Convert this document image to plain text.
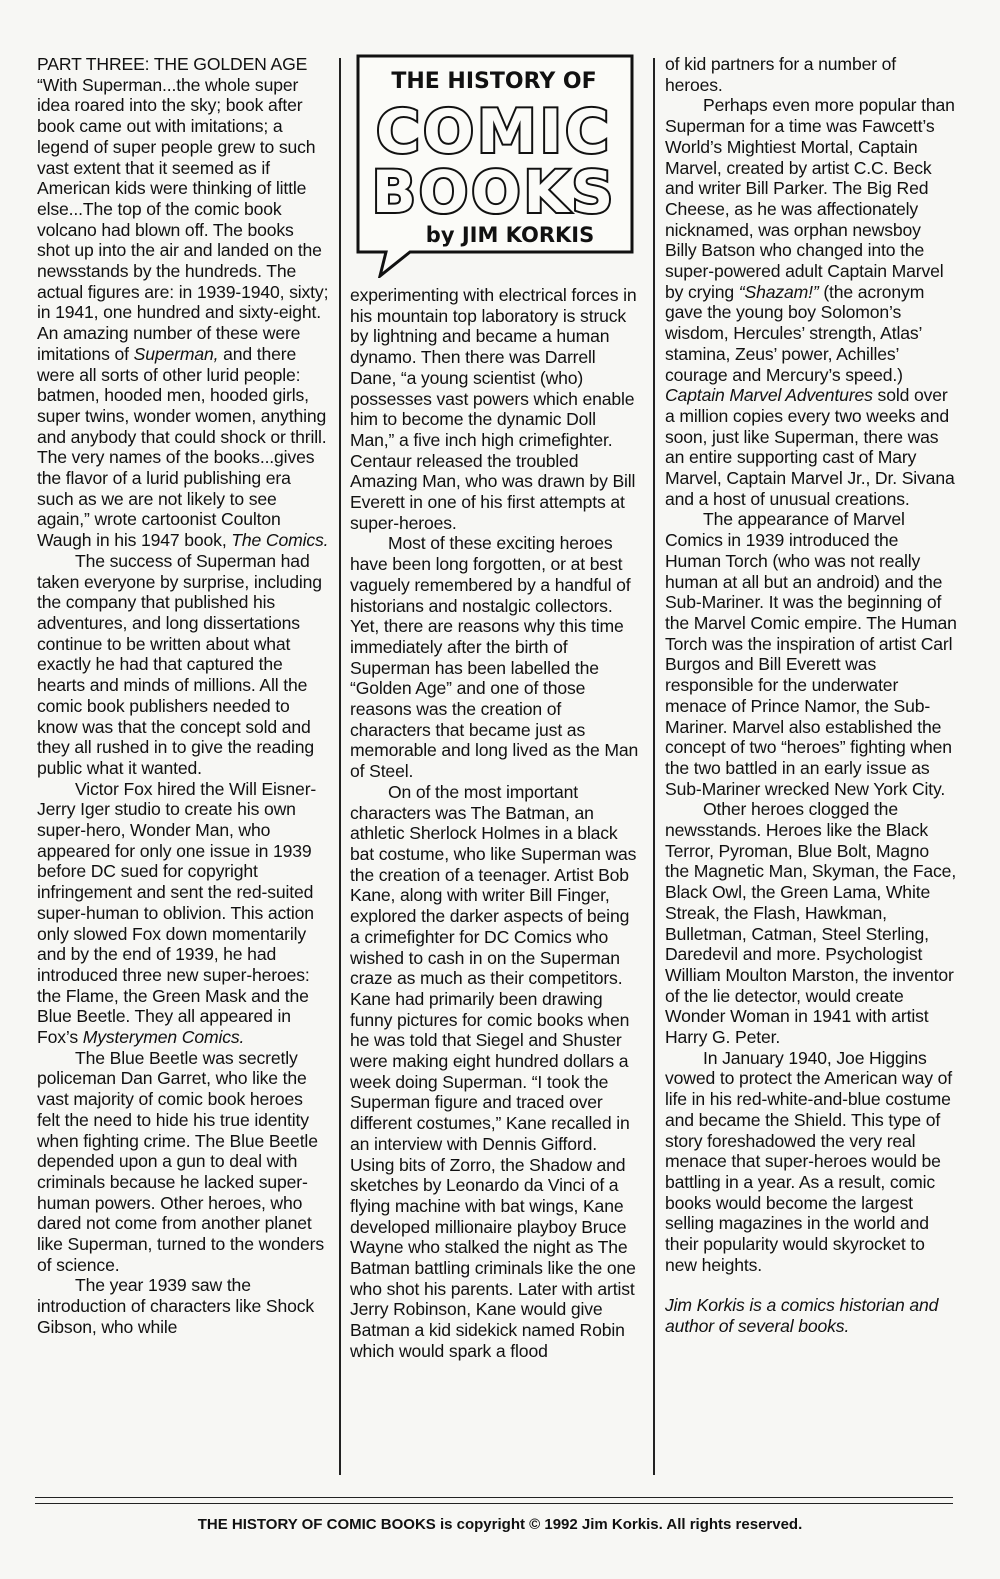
PART THREE: THE GOLDEN AGE
“With Superman...the whole super idea roared into the sky; book after book came out with imitations; a legend of super people grew to such vast extent that it seemed as if American kids were thinking of little else...The top of the comic book volcano had blown off. The books shot up into the air and landed on the newsstands by the hundreds. The actual figures are: in 1939-1940, sixty; in 1941, one hundred and sixty-eight. An amazing number of these were imitations of Superman, and there were all sorts of other lurid people: batmen, hooded men, hooded girls, super twins, wonder women, anything and anybody that could shock or thrill. The very names of the books...gives the flavor of a lurid publishing era such as we are not likely to see again,” wrote cartoonist Coulton Waugh in his 1947 book, The Comics.

The success of Superman had taken everyone by surprise, including the company that published his adventures, and long dissertations continue to be written about what exactly he had that captured the hearts and minds of millions. All the comic book publishers needed to know was that the concept sold and they all rushed in to give the reading public what it wanted.

Victor Fox hired the Will Eisner-Jerry Iger studio to create his own super-hero, Wonder Man, who appeared for only one issue in 1939 before DC sued for copyright infringement and sent the red-suited super-human to oblivion. This action only slowed Fox down momentarily and by the end of 1939, he had introduced three new super-heroes: the Flame, the Green Mask and the Blue Beetle. They all appeared in Fox’s Mysterymen Comics.

The Blue Beetle was secretly policeman Dan Garret, who like the vast majority of comic book heroes felt the need to hide his true identity when fighting crime. The Blue Beetle depended upon a gun to deal with criminals because he lacked super-human powers. Other heroes, who dared not come from another planet like Superman, turned to the wonders of science.

The year 1939 saw the introduction of characters like Shock Gibson, who while

THE HISTORY OF
COMIC
BOOKS
by JIM KORKIS

experimenting with electrical forces in his mountain top laboratory is struck by lightning and became a human dynamo. Then there was Darrell Dane, “a young scientist (who) possesses vast powers which enable him to become the dynamic Doll Man,” a five inch high crimefighter. Centaur released the troubled Amazing Man, who was drawn by Bill Everett in one of his first attempts at super-heroes.

Most of these exciting heroes have been long forgotten, or at best vaguely remembered by a handful of historians and nostalgic collectors. Yet, there are reasons why this time immediately after the birth of Superman has been labelled the “Golden Age” and one of those reasons was the creation of characters that became just as memorable and long lived as the Man of Steel.

On of the most important characters was The Batman, an athletic Sherlock Holmes in a black bat costume, who like Superman was the creation of a teenager. Artist Bob Kane, along with writer Bill Finger, explored the darker aspects of being a crimefighter for DC Comics who wished to cash in on the Superman craze as much as their competitors. Kane had primarily been drawing funny pictures for comic books when he was told that Siegel and Shuster were making eight hundred dollars a week doing Superman. “I took the Superman figure and traced over different costumes,” Kane recalled in an interview with Dennis Gifford. Using bits of Zorro, the Shadow and sketches by Leonardo da Vinci of a flying machine with bat wings, Kane developed millionaire playboy Bruce Wayne who stalked the night as The Batman battling criminals like the one who shot his parents. Later with artist Jerry Robinson, Kane would give Batman a kid sidekick named Robin which would spark a flood

of kid partners for a number of heroes.

Perhaps even more popular than Superman for a time was Fawcett’s World’s Mightiest Mortal, Captain Marvel, created by artist C.C. Beck and writer Bill Parker. The Big Red Cheese, as he was affectionately nicknamed, was orphan newsboy Billy Batson who changed into the super-powered adult Captain Marvel by crying “Shazam!” (the acronym gave the young boy Solomon’s wisdom, Hercules’ strength, Atlas’ stamina, Zeus’ power, Achilles’ courage and Mercury’s speed.) Captain Marvel Adventures sold over a million copies every two weeks and soon, just like Superman, there was an entire supporting cast of Mary Marvel, Captain Marvel Jr., Dr. Sivana and a host of unusual creations.

The appearance of Marvel Comics in 1939 introduced the Human Torch (who was not really human at all but an android) and the Sub-Mariner. It was the beginning of the Marvel Comic empire. The Human Torch was the inspiration of artist Carl Burgos and Bill Everett was responsible for the underwater menace of Prince Namor, the Sub-Mariner. Marvel also established the concept of two “heroes” fighting when the two battled in an early issue as Sub-Mariner wrecked New York City.

Other heroes clogged the newsstands. Heroes like the Black Terror, Pyroman, Blue Bolt, Magno the Magnetic Man, Skyman, the Face, Black Owl, the Green Lama, White Streak, the Flash, Hawkman, Bulletman, Catman, Steel Sterling, Daredevil and more. Psychologist William Moulton Marston, the inventor of the lie detector, would create Wonder Woman in 1941 with artist Harry G. Peter.

In January 1940, Joe Higgins vowed to protect the American way of life in his red-white-and-blue costume and became the Shield. This type of story foreshadowed the very real menace that super-heroes would be battling in a year. As a result, comic books would become the largest selling magazines in the world and their popularity would skyrocket to new heights.

Jim Korkis is a comics historian and author of several books.

THE HISTORY OF COMIC BOOKS is copyright © 1992 Jim Korkis. All rights reserved.
